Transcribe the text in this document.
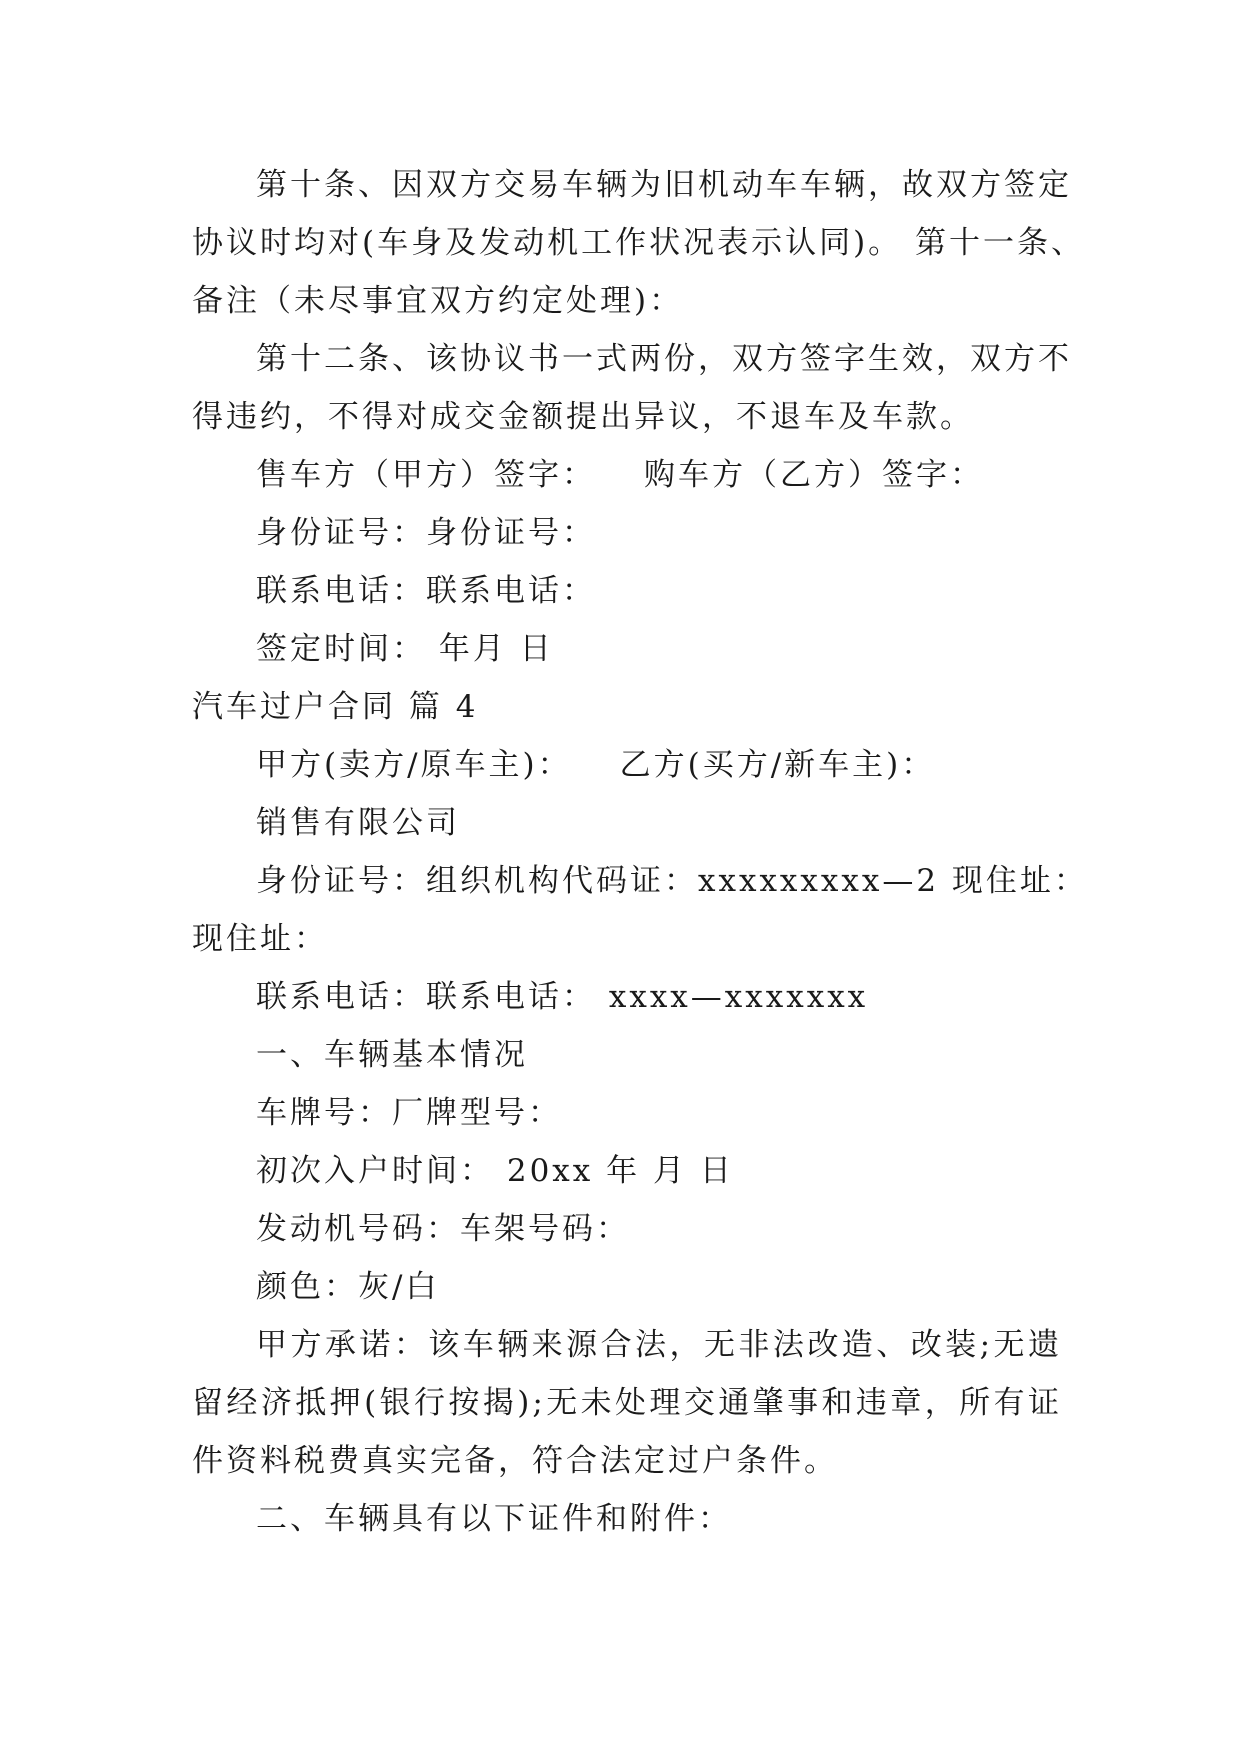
第十条、因双方交易车辆为旧机动车车辆，故双方签定
协议时均对(车身及发动机工作状况表示认同)。 第十一条、
备注（未尽事宜双方约定处理)：
第十二条、该协议书一式两份，双方签字生效，双方不
得违约，不得对成交金额提出异议，不退车及车款。
售车方（甲方）签字： 购车方（乙方）签字：
身份证号：身份证号：
联系电话：联系电话：
签定时间： 年月 日
汽车过户合同 篇 4
甲方(卖方/原车主)： 乙方(买方/新车主)：
销售有限公司
身份证号：组织机构代码证：xxxxxxxxx—2 现住址：
现住址：
联系电话：联系电话： xxxx—xxxxxxx
一、车辆基本情况
车牌号：厂牌型号：
初次入户时间： 20xx 年 月 日
发动机号码：车架号码：
颜色：灰/白
甲方承诺：该车辆来源合法，无非法改造、改装;无遗
留经济抵押(银行按揭);无未处理交通肇事和违章，所有证
件资料税费真实完备，符合法定过户条件。
二、车辆具有以下证件和附件：
